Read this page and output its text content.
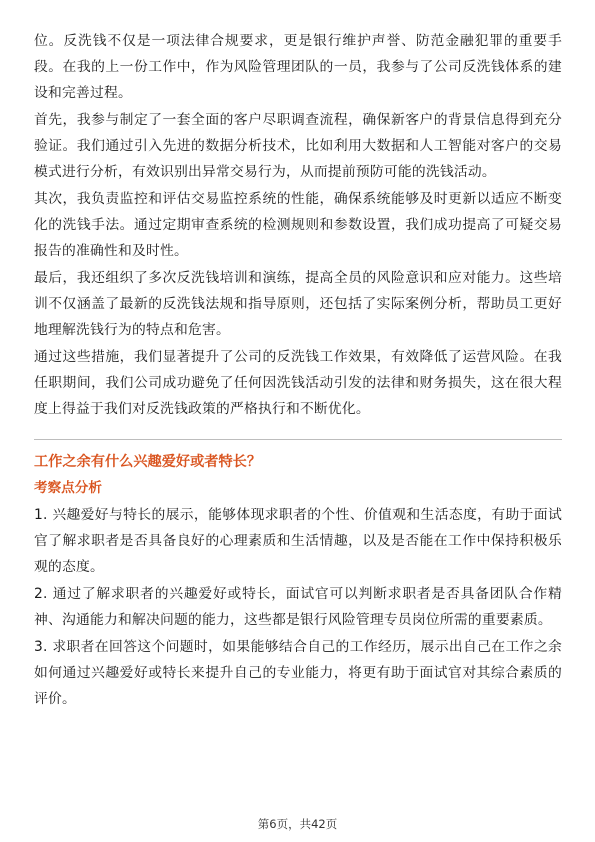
位。反洗钱不仅是一项法律合规要求，更是银行维护声誉、防范金融犯罪的重要手段。在我的上一份工作中，作为风险管理团队的一员，我参与了公司反洗钱体系的建设和完善过程。

首先，我参与制定了一套全面的客户尽职调查流程，确保新客户的背景信息得到充分验证。我们通过引入先进的数据分析技术，比如利用大数据和人工智能对客户的交易模式进行分析，有效识别出异常交易行为，从而提前预防可能的洗钱活动。

其次，我负责监控和评估交易监控系统的性能，确保系统能够及时更新以适应不断变化的洗钱手法。通过定期审查系统的检测规则和参数设置，我们成功提高了可疑交易报告的准确性和及时性。

最后，我还组织了多次反洗钱培训和演练，提高全员的风险意识和应对能力。这些培训不仅涵盖了最新的反洗钱法规和指导原则，还包括了实际案例分析，帮助员工更好地理解洗钱行为的特点和危害。

通过这些措施，我们显著提升了公司的反洗钱工作效果，有效降低了运营风险。在我任职期间，我们公司成功避免了任何因洗钱活动引发的法律和财务损失，这在很大程度上得益于我们对反洗钱政策的严格执行和不断优化。

工作之余有什么兴趣爱好或者特长？
考察点分析

1. 兴趣爱好与特长的展示，能够体现求职者的个性、价值观和生活态度，有助于面试官了解求职者是否具备良好的心理素质和生活情趣，以及是否能在工作中保持积极乐观的态度。

2. 通过了解求职者的兴趣爱好或特长，面试官可以判断求职者是否具备团队合作精神、沟通能力和解决问题的能力，这些都是银行风险管理专员岗位所需的重要素质。

3. 求职者在回答这个问题时，如果能够结合自己的工作经历，展示出自己在工作之余如何通过兴趣爱好或特长来提升自己的专业能力，将更有助于面试官对其综合素质的评价。

第6页，共42页
